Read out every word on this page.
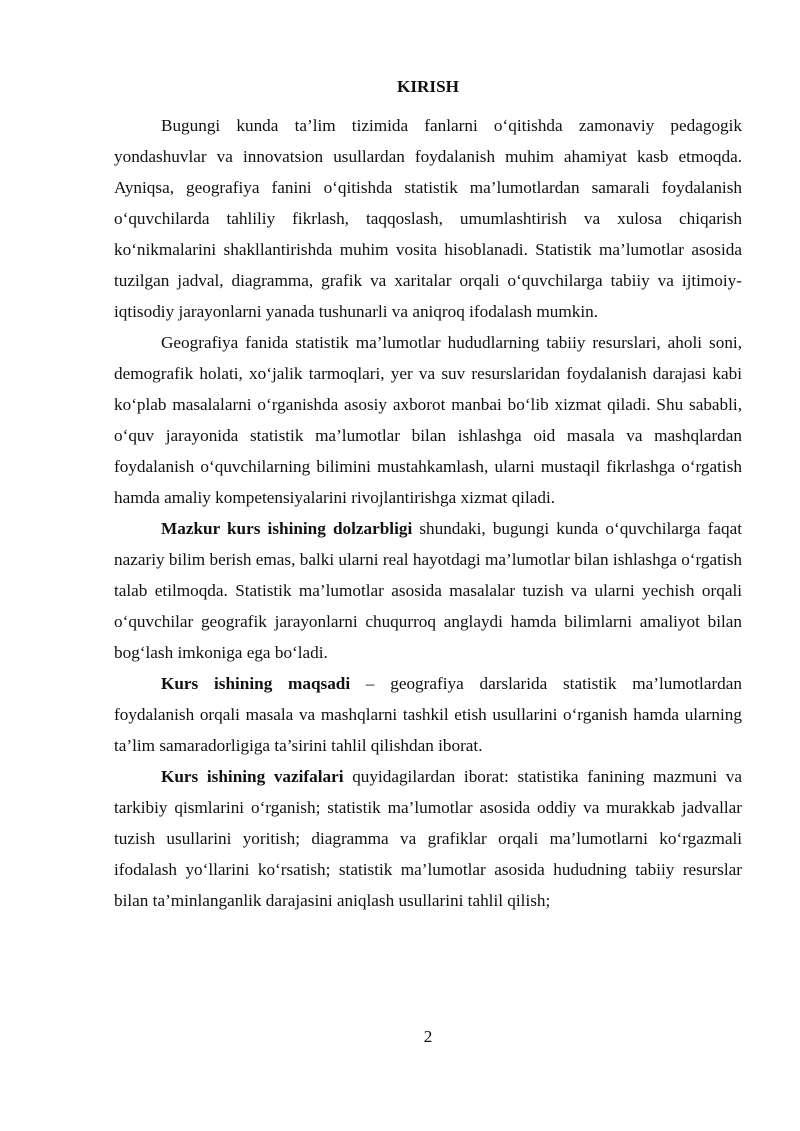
KIRISH

Bugungi kunda ta’lim tizimida fanlarni o‘qitishda zamonaviy pedagogik yondashuvlar va innovatsion usullardan foydalanish muhim ahamiyat kasb etmoqda. Ayniqsa, geografiya fanini o‘qitishda statistik ma’lumotlardan samarali foydalanish o‘quvchilarda tahliliy fikrlash, taqqoslash, umumlashtirish va xulosa chiqarish ko‘nikmalarini shakllantirishda muhim vosita hisoblanadi. Statistik ma’lumotlar asosida tuzilgan jadval, diagramma, grafik va xaritalar orqali o‘quvchilarga tabiiy va ijtimoiy-iqtisodiy jarayonlarni yanada tushunarli va aniqroq ifodalash mumkin.

Geografiya fanida statistik ma’lumotlar hududlarning tabiiy resurslari, aholi soni, demografik holati, xo‘jalik tarmoqlari, yer va suv resurslaridan foydalanish darajasi kabi ko‘plab masalalarni o‘rganishda asosiy axborot manbai bo‘lib xizmat qiladi. Shu sababli, o‘quv jarayonida statistik ma’lumotlar bilan ishlashga oid masala va mashqlardan foydalanish o‘quvchilarning bilimini mustahkamlash, ularni mustaqil fikrlashga o‘rgatish hamda amaliy kompetensiyalarini rivojlantirishga xizmat qiladi.

Mazkur kurs ishining dolzarbligi shundaki, bugungi kunda o‘quvchilarga faqat nazariy bilim berish emas, balki ularni real hayotdagi ma’lumotlar bilan ishlashga o‘rgatish talab etilmoqda. Statistik ma’lumotlar asosida masalalar tuzish va ularni yechish orqali o‘quvchilar geografik jarayonlarni chuqurroq anglaydi hamda bilimlarni amaliyot bilan bog‘lash imkoniga ega bo‘ladi.

Kurs ishining maqsadi – geografiya darslarida statistik ma’lumotlardan foydalanish orqali masala va mashqlarni tashkil etish usullarini o‘rganish hamda ularning ta’lim samaradorligiga ta’sirini tahlil qilishdan iborat.

Kurs ishining vazifalari quyidagilardan iborat: statistika fanining mazmuni va tarkibiy qismlarini o‘rganish; statistik ma’lumotlar asosida oddiy va murakkab jadvallar tuzish usullarini yoritish; diagramma va grafiklar orqali ma’lumotlarni ko‘rgazmali ifodalash yo‘llarini ko‘rsatish; statistik ma’lumotlar asosida hududning tabiiy resurslar bilan ta’minlanganlik darajasini aniqlash usullarini tahlil qilish;

2
